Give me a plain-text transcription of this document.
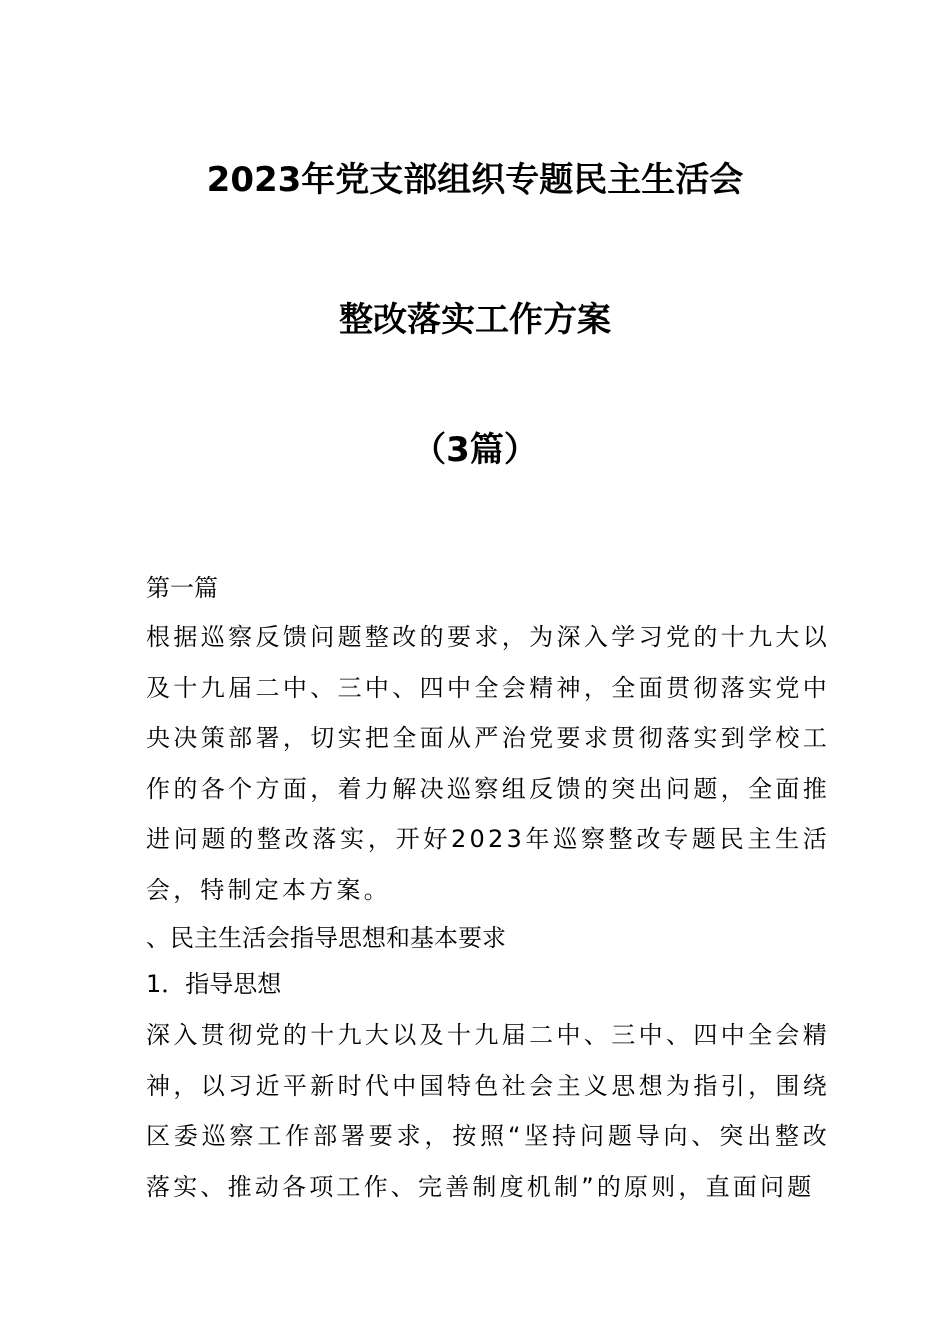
2023年党支部组织专题民主生活会
整改落实工作方案
（3篇）
第一篇
根据巡察反馈问题整改的要求，为深入学习党的十九大以及十九届二中、三中、四中全会精神，全面贯彻落实党中央决策部署，切实把全面从严治党要求贯彻落实到学校工作的各个方面，着力解决巡察组反馈的突出问题，全面推进问题的整改落实，开好2023年巡察整改专题民主生活会，特制定本方案。
、民主生活会指导思想和基本要求
1．指导思想
深入贯彻党的十九大以及十九届二中、三中、四中全会精神，以习近平新时代中国特色社会主义思想为指引，围绕区委巡察工作部署要求，按照“坚持问题导向、突出整改落实、推动各项工作、完善制度机制”的原则，直面问题
